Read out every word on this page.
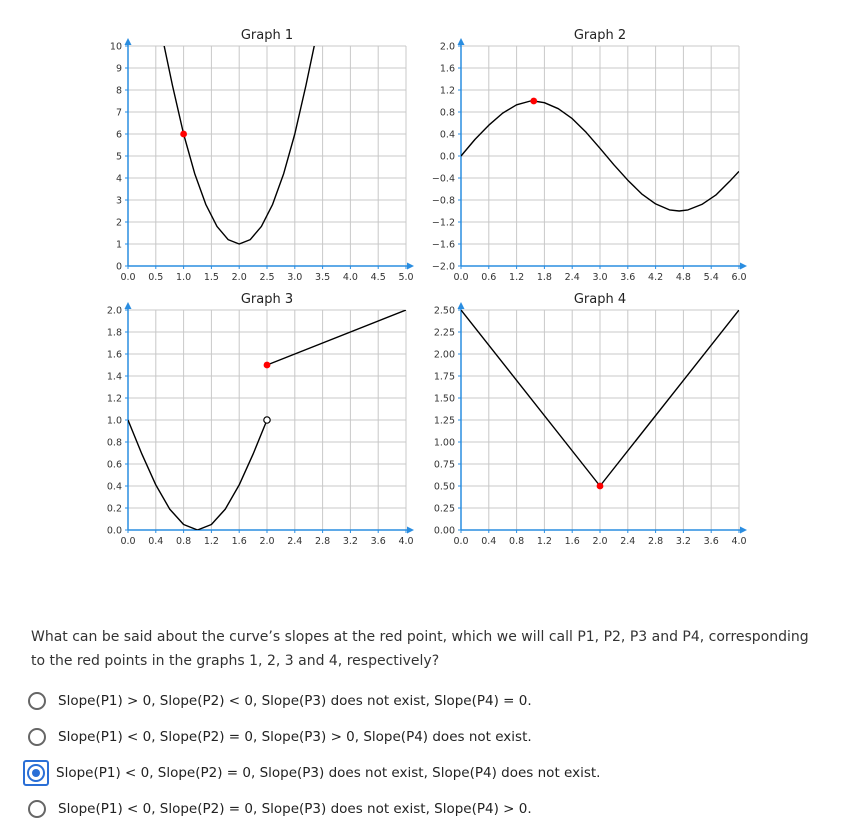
0.0 0.5 1.0 1.5 2.0 2.5 3.0 3.5 4.0 4.5 5.0
0
1
2
3
4
5
6
7
8
9
10
Graph 1
0.0 0.6 1.2 1.8 2.4 3.0 3.6 4.2 4.8 5.4 6.0
−2.0
−1.6
−1.2
−0.8
−0.4
0.0
0.4
0.8
1.2
1.6
2.0
Graph 2
0.0 0.4 0.8 1.2 1.6 2.0 2.4 2.8 3.2 3.6 4.0
0.0
0.2
0.4
0.6
0.8
1.0
1.2
1.4
1.6
1.8
2.0
Graph 3
0.0 0.4 0.8 1.2 1.6 2.0 2.4 2.8 3.2 3.6 4.0
0.00
0.25
0.50
0.75
1.00
1.25
1.50
1.75
2.00
2.25
2.50
Graph 4
What can be said about the curve’s slopes at the red point, which we will call P1, P2, P3 and P4, corresponding to the red points in the graphs 1, 2, 3 and 4, respectively?
Slope(P1) > 0, Slope(P2) < 0, Slope(P3) does not exist, Slope(P4) = 0.
Slope(P1) < 0, Slope(P2) = 0, Slope(P3) > 0, Slope(P4) does not exist.
Slope(P1) < 0, Slope(P2) = 0, Slope(P3) does not exist, Slope(P4) does not exist.
Slope(P1) < 0, Slope(P2) = 0, Slope(P3) does not exist, Slope(P4) > 0.
